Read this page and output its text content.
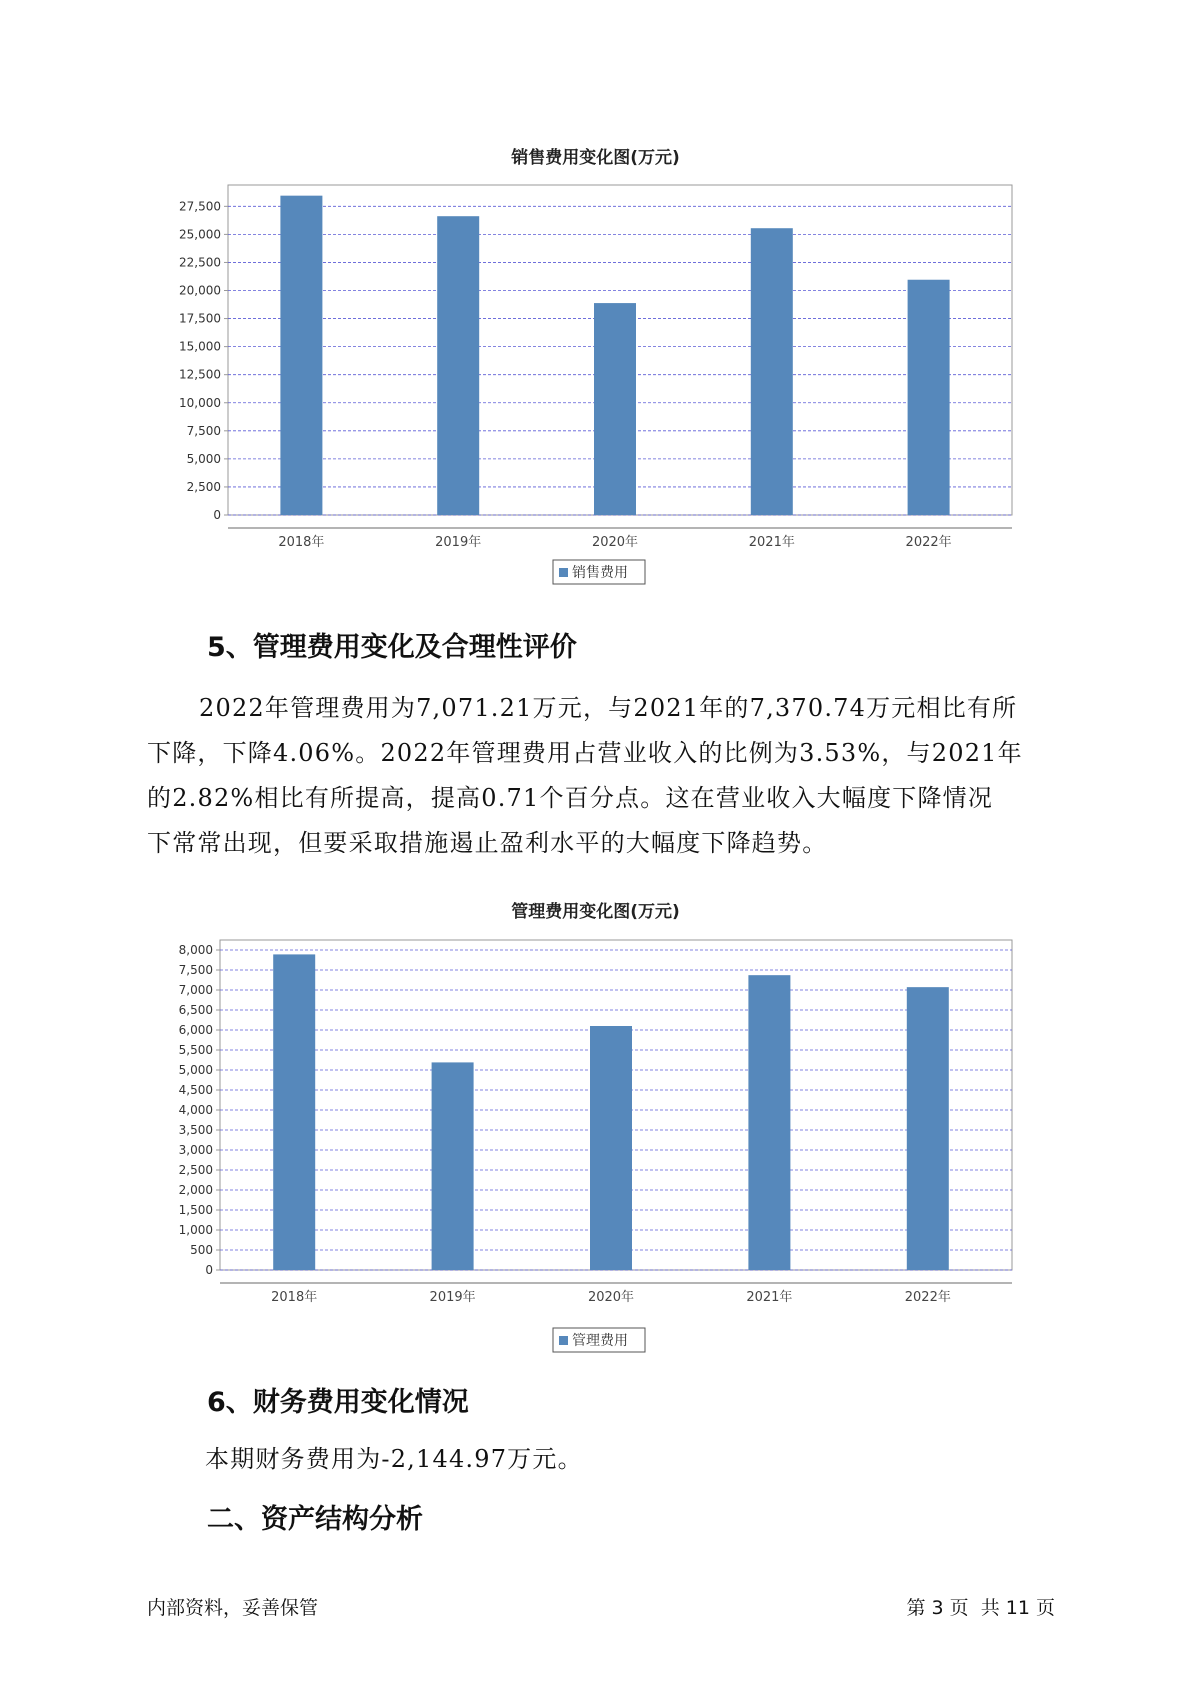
销售费用变化图(万元)
0
2,500
5,000
7,500
10,000
12,500
15,000
17,500
20,000
22,500
25,000
27,500
2018年	2019年	2020年	2021年	2022年
销售费用
5、管理费用变化及合理性评价
2022年管理费用为7,071.21万元，与2021年的7,370.74万元相比有所
下降，下降4.06%。2022年管理费用占营业收入的比例为3.53%，与2021年
的2.82%相比有所提高，提高0.71个百分点。这在营业收入大幅度下降情况
下常常出现，但要采取措施遏止盈利水平的大幅度下降趋势。
管理费用变化图(万元)
0
500
1,000
1,500
2,000
2,500
3,000
3,500
4,000
4,500
5,000
5,500
6,000
6,500
7,000
7,500
8,000
2018年	2019年	2020年	2021年	2022年
管理费用
6、财务费用变化情况

本期财务费用为-2,144.97万元。

二、资产结构分析
内部资料，妥善保管	第 3 页  共 11 页
